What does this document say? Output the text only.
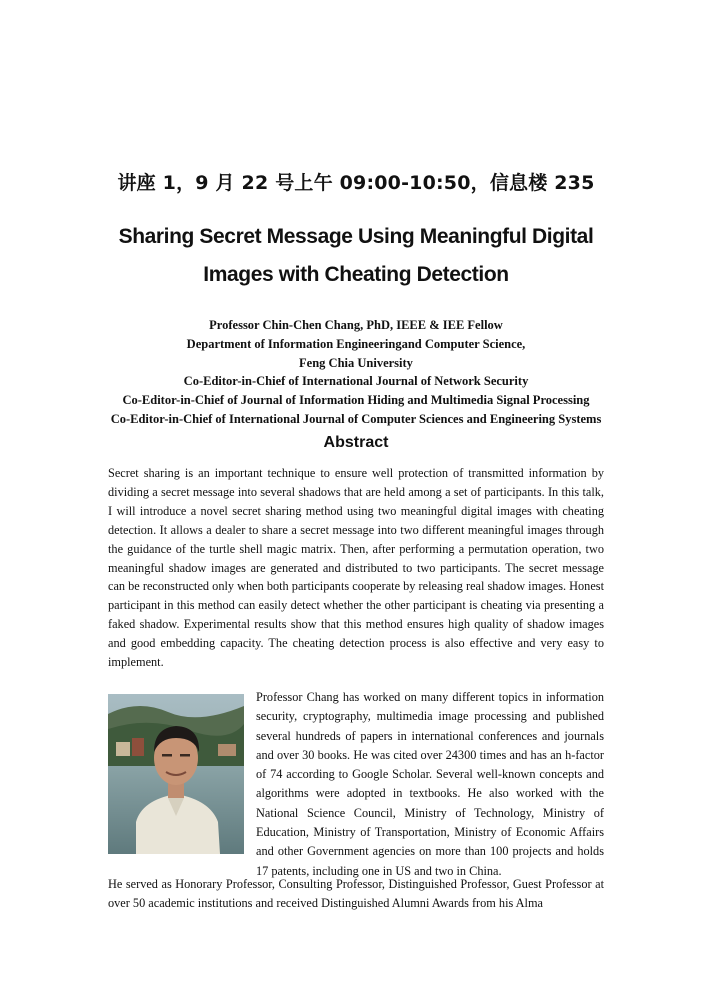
讲座 1，9 月 22 号上午 09:00-10:50，信息楼 235
Sharing Secret Message Using Meaningful Digital
Images with Cheating Detection
Professor Chin-Chen Chang, PhD, IEEE & IEE Fellow
Department of Information Engineeringand Computer Science,
Feng Chia University
Co-Editor-in-Chief of International Journal of Network Security
Co-Editor-in-Chief of Journal of Information Hiding and Multimedia Signal Processing
Co-Editor-in-Chief of International Journal of Computer Sciences and Engineering Systems
Abstract
Secret sharing is an important technique to ensure well protection of transmitted information by dividing a secret message into several shadows that are held among a set of participants. In this talk, I will introduce a novel secret sharing method using two meaningful digital images with cheating detection. It allows a dealer to share a secret message into two different meaningful images through the guidance of the turtle shell magic matrix. Then, after performing a permutation operation, two meaningful shadow images are generated and distributed to two participants. The secret message can be reconstructed only when both participants cooperate by releasing real shadow images. Honest participant in this method can easily detect whether the other participant is cheating via presenting a faked shadow. Experimental results show that this method ensures high quality of shadow images and good embedding capacity. The cheating detection process is also effective and very easy to implement.
Professor Chang has worked on many different topics in information security, cryptography, multimedia image processing and published several hundreds of papers in international conferences and journals and over 30 books. He was cited over 24300 times and has an h-factor of 74 according to Google Scholar. Several well-known concepts and algorithms were adopted in textbooks. He also worked with the National Science Council, Ministry of Technology, Ministry of Education, Ministry of Transportation, Ministry of Economic Affairs and other Government agencies on more than 100 projects and holds 17 patents, including one in US and two in China.
He served as Honorary Professor, Consulting Professor, Distinguished Professor, Guest Professor at over 50 academic institutions and received Distinguished Alumni Awards from his Alma
